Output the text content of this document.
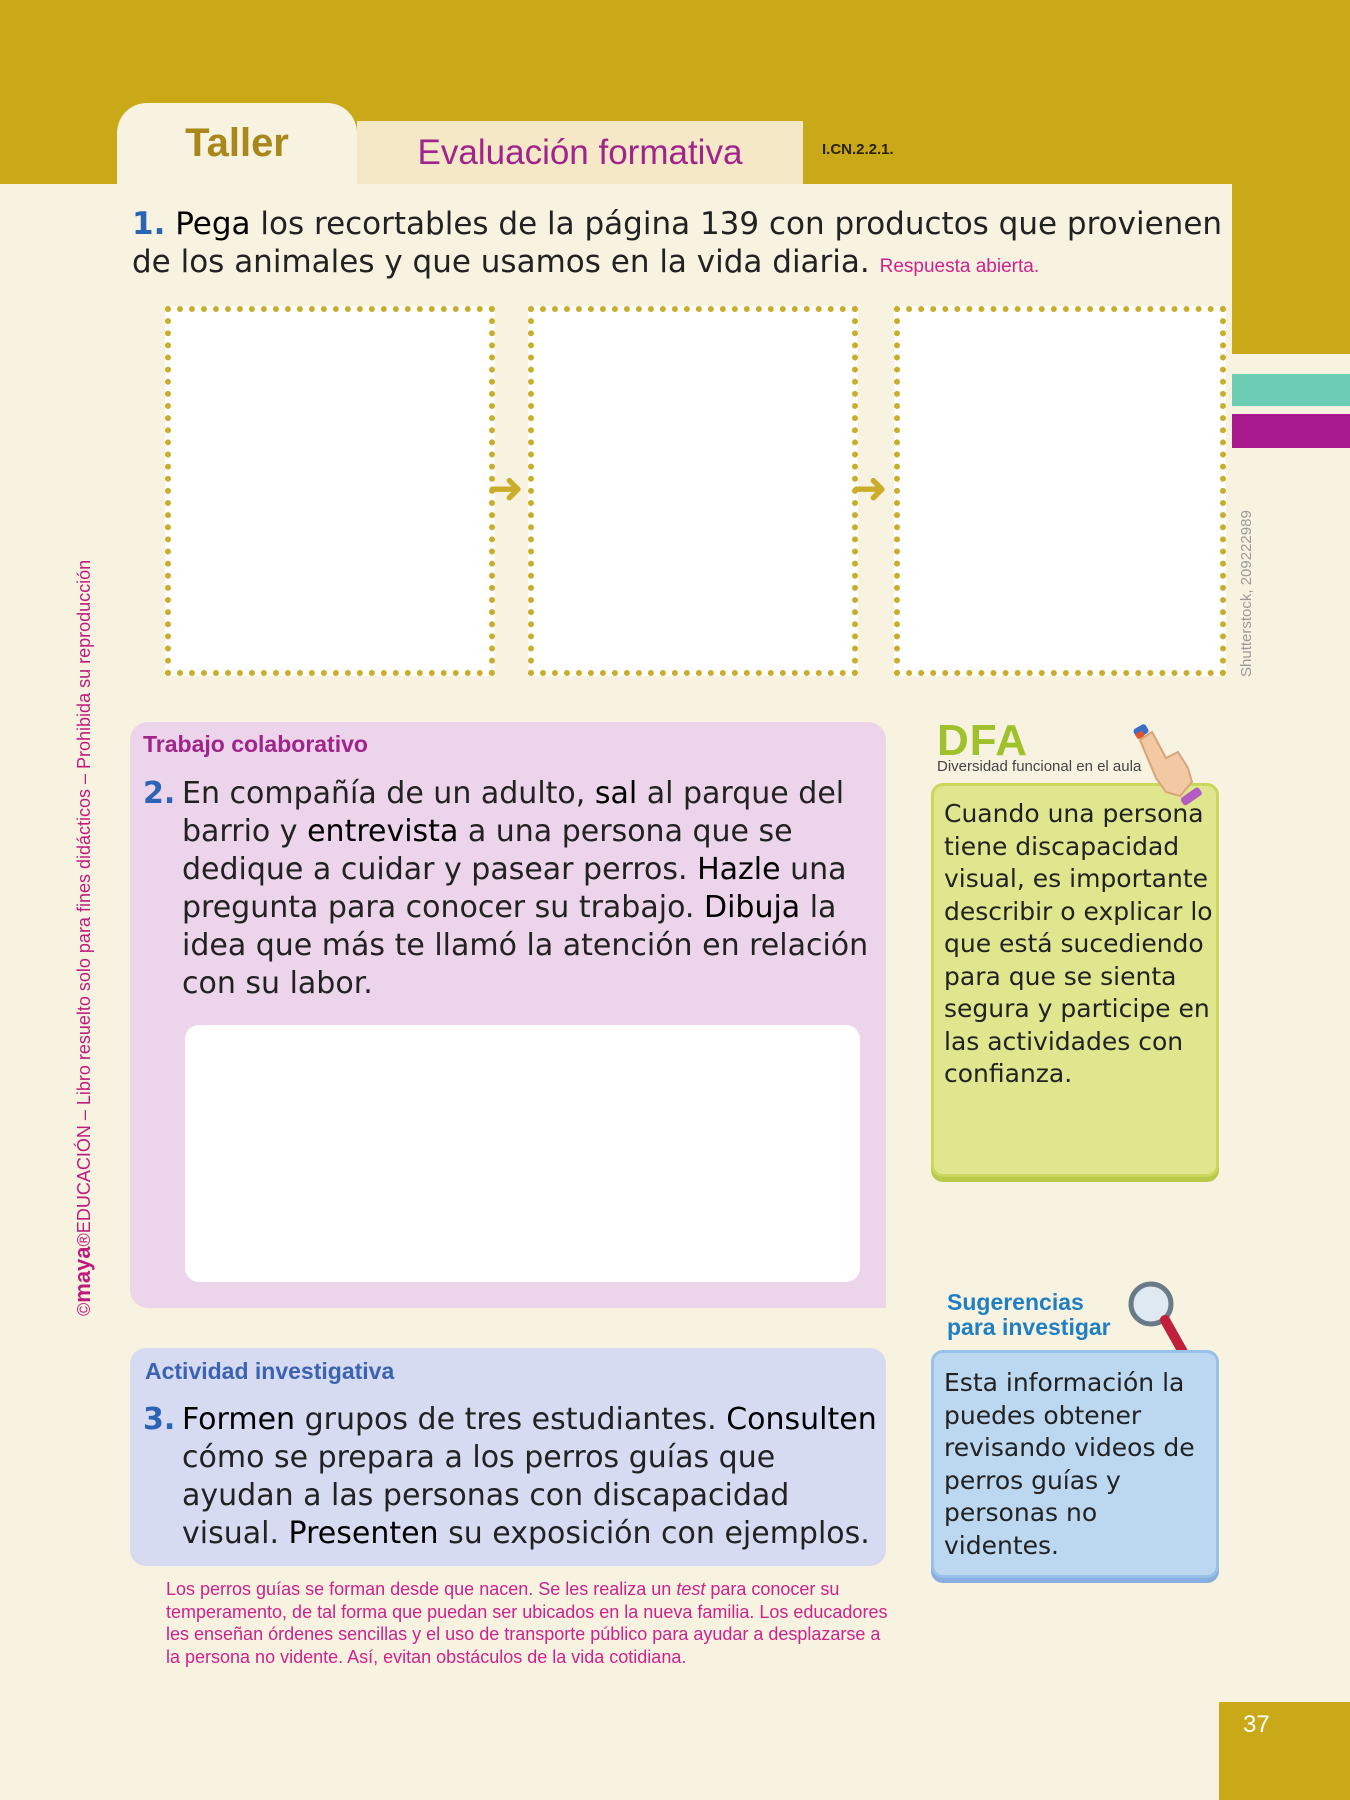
Taller	Evaluación formativa	I.CN.2.2.1.
1. Pega los recortables de la página 139 con productos que provienen de los animales y que usamos en la vida diaria. Respuesta abierta.
➜	➜
©maya®EDUCACIÓN – Libro resuelto solo para fines didácticos – Prohibida su reproducción	Shutterstock, 209222989
Trabajo colaborativo
2. En compañía de un adulto, sal al parque del barrio y entrevista a una persona que se dedique a cuidar y pasear perros. Hazle una pregunta para conocer su trabajo. Dibuja la idea que más te llamó la atención en relación con su labor.
DFA
Diversidad funcional en el aula
Cuando una persona tiene discapacidad visual, es importante describir o explicar lo que está sucediendo para que se sienta segura y participe en las actividades con confianza.
Sugerencias
para investigar
Esta información la puedes obtener revisando videos de perros guías y personas no videntes.
Actividad investigativa
3. Formen grupos de tres estudiantes. Consulten cómo se prepara a los perros guías que ayudan a las personas con discapacidad visual. Presenten su exposición con ejemplos.
Los perros guías se forman desde que nacen. Se les realiza un test para conocer su temperamento, de tal forma que puedan ser ubicados en la nueva familia. Los educadores les enseñan órdenes sencillas y el uso de transporte público para ayudar a desplazarse a la persona no vidente. Así, evitan obstáculos de la vida cotidiana.
37
